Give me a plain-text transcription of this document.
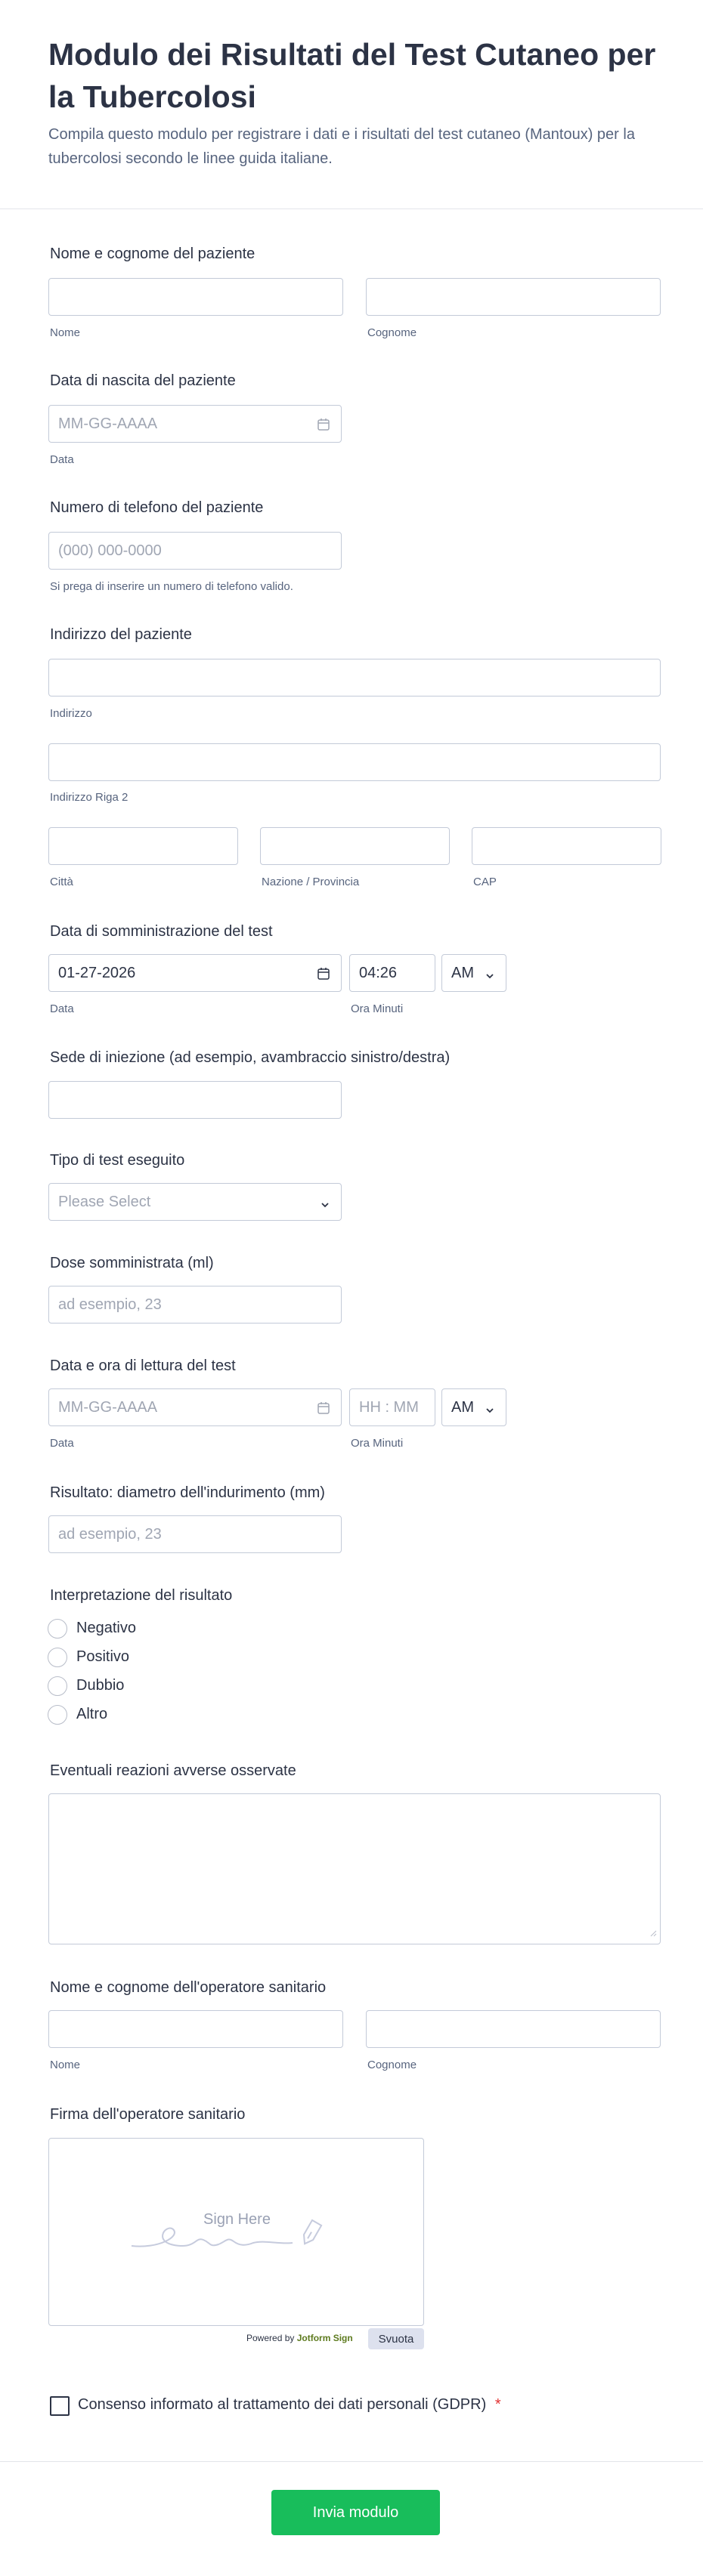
Modulo dei Risultati del Test Cutaneo per la Tubercolosi
Compila questo modulo per registrare i dati e i risultati del test cutaneo (Mantoux) per la tubercolosi secondo le linee guida italiane.
Nome e cognome del paziente
Nome	Cognome
Data di nascita del paziente
MM-GG-AAAA
Data
Numero di telefono del paziente
(000) 000-0000
Si prega di inserire un numero di telefono valido.
Indirizzo del paziente
Indirizzo
Indirizzo Riga 2
Città	Nazione / Provincia	CAP
Data di somministrazione del test
01-27-2026	04:26	AM
Data	Ora Minuti
Sede di iniezione (ad esempio, avambraccio sinistro/destra)
Tipo di test eseguito
Please Select
Dose somministrata (ml)
ad esempio, 23
Data e ora di lettura del test
MM-GG-AAAA	HH : MM AM
Data	Ora Minuti
Risultato: diametro dell'indurimento (mm)
ad esempio, 23
Interpretazione del risultato
Negativo
Positivo
Dubbio
Altro
Eventuali reazioni avverse osservate
Nome e cognome dell'operatore sanitario
Nome	Cognome
Firma dell'operatore sanitario
Sign Here
Powered by Jotform Sign	Svuota
Consenso informato al trattamento dei dati personali (GDPR) *
Invia modulo
